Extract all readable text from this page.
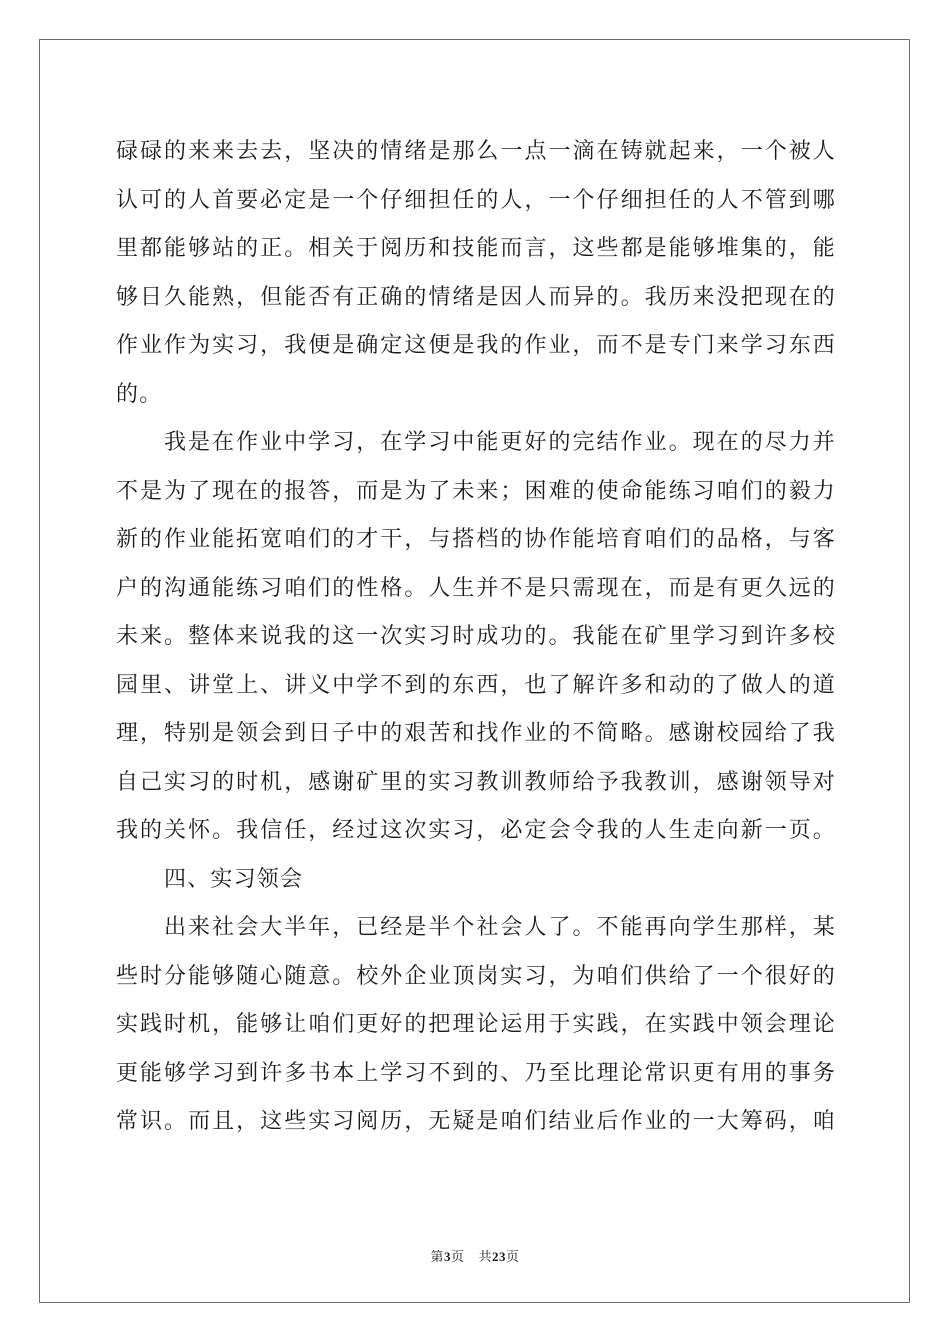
碌碌的来来去去，坚决的情绪是那么一点一滴在铸就起来，一个被人
认可的人首要必定是一个仔细担任的人，一个仔细担任的人不管到哪
里都能够站的正。相关于阅历和技能而言，这些都是能够堆集的，能
够日久能熟，但能否有正确的情绪是因人而异的。我历来没把现在的
作业作为实习，我便是确定这便是我的作业，而不是专门来学习东西
的。
我是在作业中学习，在学习中能更好的完结作业。现在的尽力并
不是为了现在的报答，而是为了未来；困难的使命能练习咱们的毅力
新的作业能拓宽咱们的才干，与搭档的协作能培育咱们的品格，与客
户的沟通能练习咱们的性格。人生并不是只需现在，而是有更久远的
未来。整体来说我的这一次实习时成功的。我能在矿里学习到许多校
园里、讲堂上、讲义中学不到的东西，也了解许多和动的了做人的道
理，特别是领会到日子中的艰苦和找作业的不简略。感谢校园给了我
自己实习的时机，感谢矿里的实习教训教师给予我教训，感谢领导对
我的关怀。我信任，经过这次实习，必定会令我的人生走向新一页。
四、实习领会
出来社会大半年，已经是半个社会人了。不能再向学生那样，某
些时分能够随心随意。校外企业顶岗实习，为咱们供给了一个很好的
实践时机，能够让咱们更好的把理论运用于实践，在实践中领会理论
更能够学习到许多书本上学习不到的、乃至比理论常识更有用的事务
常识。而且，这些实习阅历，无疑是咱们结业后作业的一大筹码，咱
第3页 共23页
